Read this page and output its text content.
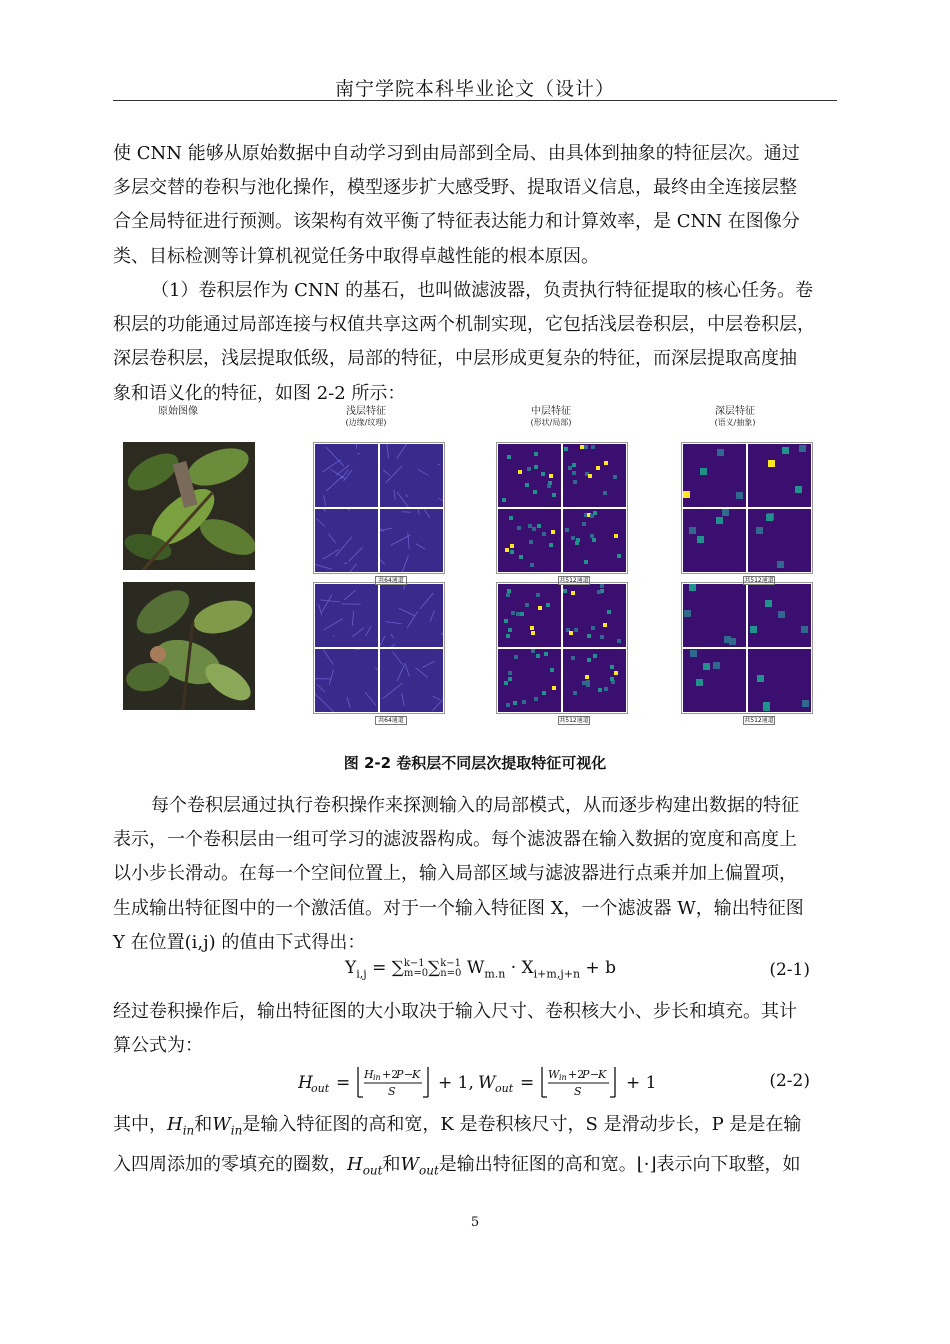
南宁学院本科毕业论文（设计）
使 CNN 能够从原始数据中自动学习到由局部到全局、由具体到抽象的特征层次。通过
多层交替的卷积与池化操作，模型逐步扩大感受野、提取语义信息，最终由全连接层整
合全局特征进行预测。该架构有效平衡了特征表达能力和计算效率，是 CNN 在图像分
类、目标检测等计算机视觉任务中取得卓越性能的根本原因。
（1）卷积层作为 CNN 的基石，也叫做滤波器，负责执行特征提取的核心任务。卷
积层的功能通过局部连接与权值共享这两个机制实现，它包括浅层卷积层，中层卷积层，
深层卷积层，浅层提取低级，局部的特征，中层形成更复杂的特征，而深层提取高度抽
象和语义化的特征，如图 2-2 所示：
原始图像	浅层特征
(边缘/纹理)
中层特征
(形状/局部)
深层特征
(语义/抽象)
共64通道	共512通道	共512通道
共64通道	共512通道	共512通道
图 2-2 卷积层不同层次提取特征可视化
每个卷积层通过执行卷积操作来探测输入的局部模式，从而逐步构建出数据的特征
表示，一个卷积层由一组可学习的滤波器构成。每个滤波器在输入数据的宽度和高度上
以小步长滑动。在每一个空间位置上，输入局部区域与滤波器进行点乘并加上偏置项，
生成输出特征图中的一个激活值。对于一个输入特征图 X，一个滤波器 W，输出特征图
Y 在位置(i,j) 的值由下式得出：
$Y_{i,j}$ = ∑ k−1
m=0 ∑ k−1
n=0 $W_{m.n} \cdot X_{i+m,j+n} + b$	(2-1)
经过卷积操作后，输出特征图的大小取决于输入尺寸、卷积核大小、步长和填充。其计
算公式为：
H
out = H in +2
P −
K
S + 1, W out = W in +2
P −
K
S	+ 1	(2-2)
其中，$H_{in}$和$W_{in}$是输入特征图的高和宽，K 是卷积核尺寸，S 是滑动步长，P 是是在输
入四周添加的零填充的圈数，$H_{out}$和$W_{out}$是输出特征图的高和宽。⌊·⌋表示向下取整，如
5
